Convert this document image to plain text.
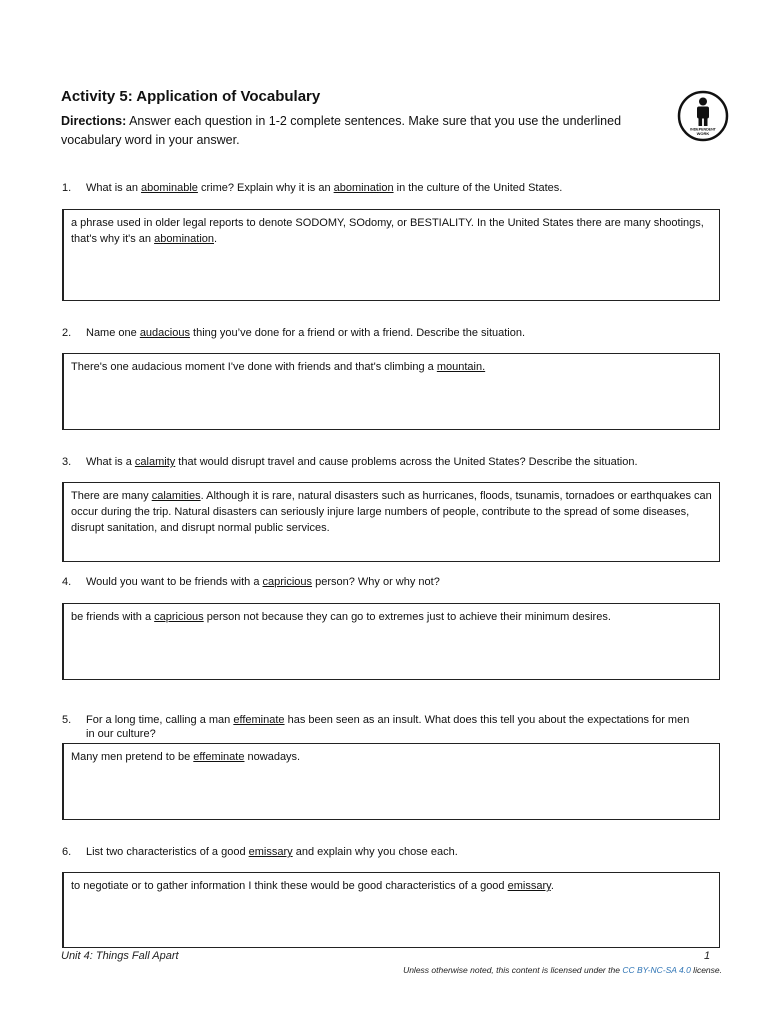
Activity 5: Application of Vocabulary
Directions: Answer each question in 1-2 complete sentences. Make sure that you use the underlined vocabulary word in your answer.
INDEPENDENT
WORK
1. What is an abominable crime? Explain why it is an abomination in the culture of the United States.
a phrase used in older legal reports to denote SODOMY, SOdomy, or BESTIALITY. In the United States there are many shootings, that's why it's an abomination.
2. Name one audacious thing you’ve done for a friend or with a friend. Describe the situation.
There's one audacious moment I've done with friends and that's climbing a mountain.
3. What is a calamity that would disrupt travel and cause problems across the United States? Describe the situation.
There are many calamities. Although it is rare, natural disasters such as hurricanes, floods, tsunamis, tornadoes or earthquakes can occur during the trip. Natural disasters can seriously injure large numbers of people, contribute to the spread of some diseases, disrupt sanitation, and disrupt normal public services.
4. Would you want to be friends with a capricious person? Why or why not?
be friends with a capricious person not because they can go to extremes just to achieve their minimum desires.
5. For a long time, calling a man effeminate has been seen as an insult. What does this tell you about the expectations for men
in our culture?
Many men pretend to be effeminate nowadays.
6. List two characteristics of a good emissary and explain why you chose each.
to negotiate or to gather information I think these would be good characteristics of a good emissary.
Unit 4: Things Fall Apart	1
Unless otherwise noted, this content is licensed under the CC BY-NC-SA 4.0 license.
